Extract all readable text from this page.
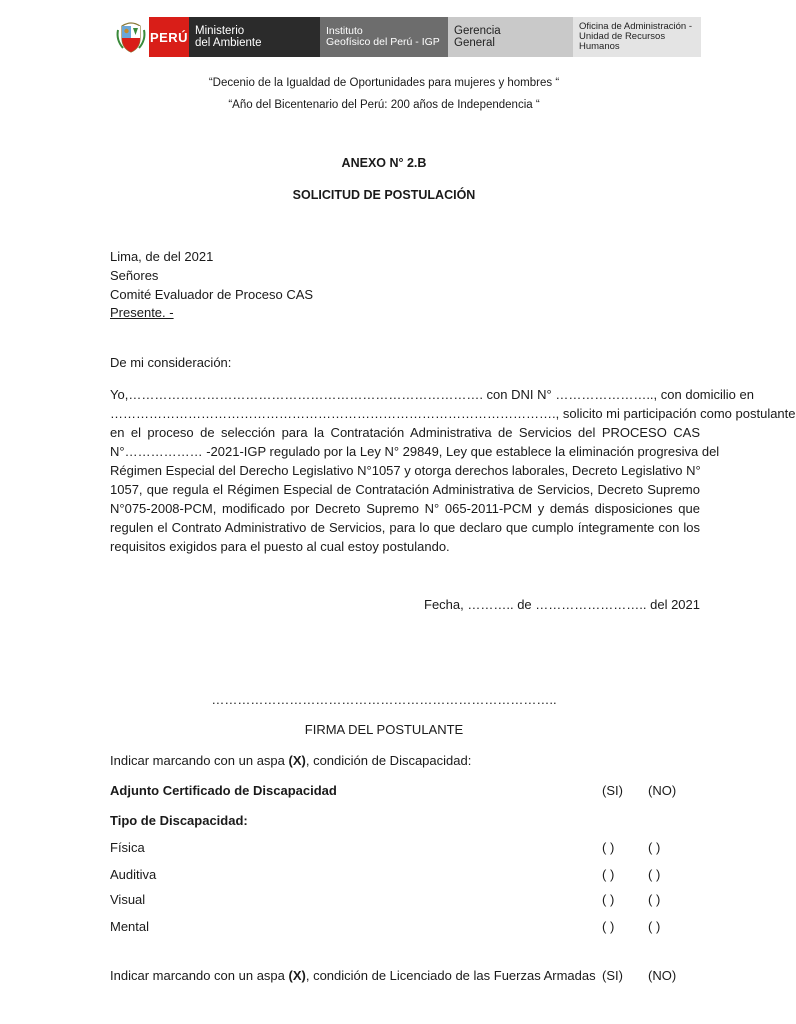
PERÚ Ministerio
del Ambiente
Instituto
Geofísico del Perú - IGP
Gerencia
General
Oficina de Administración -
Unidad de Recursos
Humanos
“Decenio de la Igualdad de Oportunidades para mujeres y hombres “
“Año del Bicentenario del Perú: 200 años de Independencia “
ANEXO N° 2.B
SOLICITUD DE POSTULACIÓN
Lima, de del 2021
Señores
Comité Evaluador de Proceso CAS
Presente. -
De mi consideración:
Yo,………………………………………………………………………. con DNI N° ………………….., con domicilio en
…………………………………………………………………………………………., solicito mi participación como postulante
en el proceso de selección para la Contratación Administrativa de Servicios del PROCESO CAS
N°……………… -2021-IGP regulado por la Ley N° 29849, Ley que establece la eliminación progresiva del
Régimen Especial del Derecho Legislativo N°1057 y otorga derechos laborales, Decreto Legislativo N°
1057, que regula el Régimen Especial de Contratación Administrativa de Servicios, Decreto Supremo
N°075-2008-PCM, modificado por Decreto Supremo N° 065-2011-PCM y demás disposiciones que
regulen el Contrato Administrativo de Servicios, para lo que declaro que cumplo íntegramente con los
requisitos exigidos para el puesto al cual estoy postulando.
Fecha, ……….. de …………………….. del 2021
……………………………………………………………………..
FIRMA DEL POSTULANTE
Indicar marcando con un aspa (X), condición de Discapacidad:
Adjunto Certificado de Discapacidad	(SI) (NO)
Tipo de Discapacidad:
Física	( )	( )
Auditiva	( )	( )
Visual	( )	( )
Mental	( )	( )
Indicar marcando con un aspa (X), condición de Licenciado de las Fuerzas Armadas (SI) (NO)
